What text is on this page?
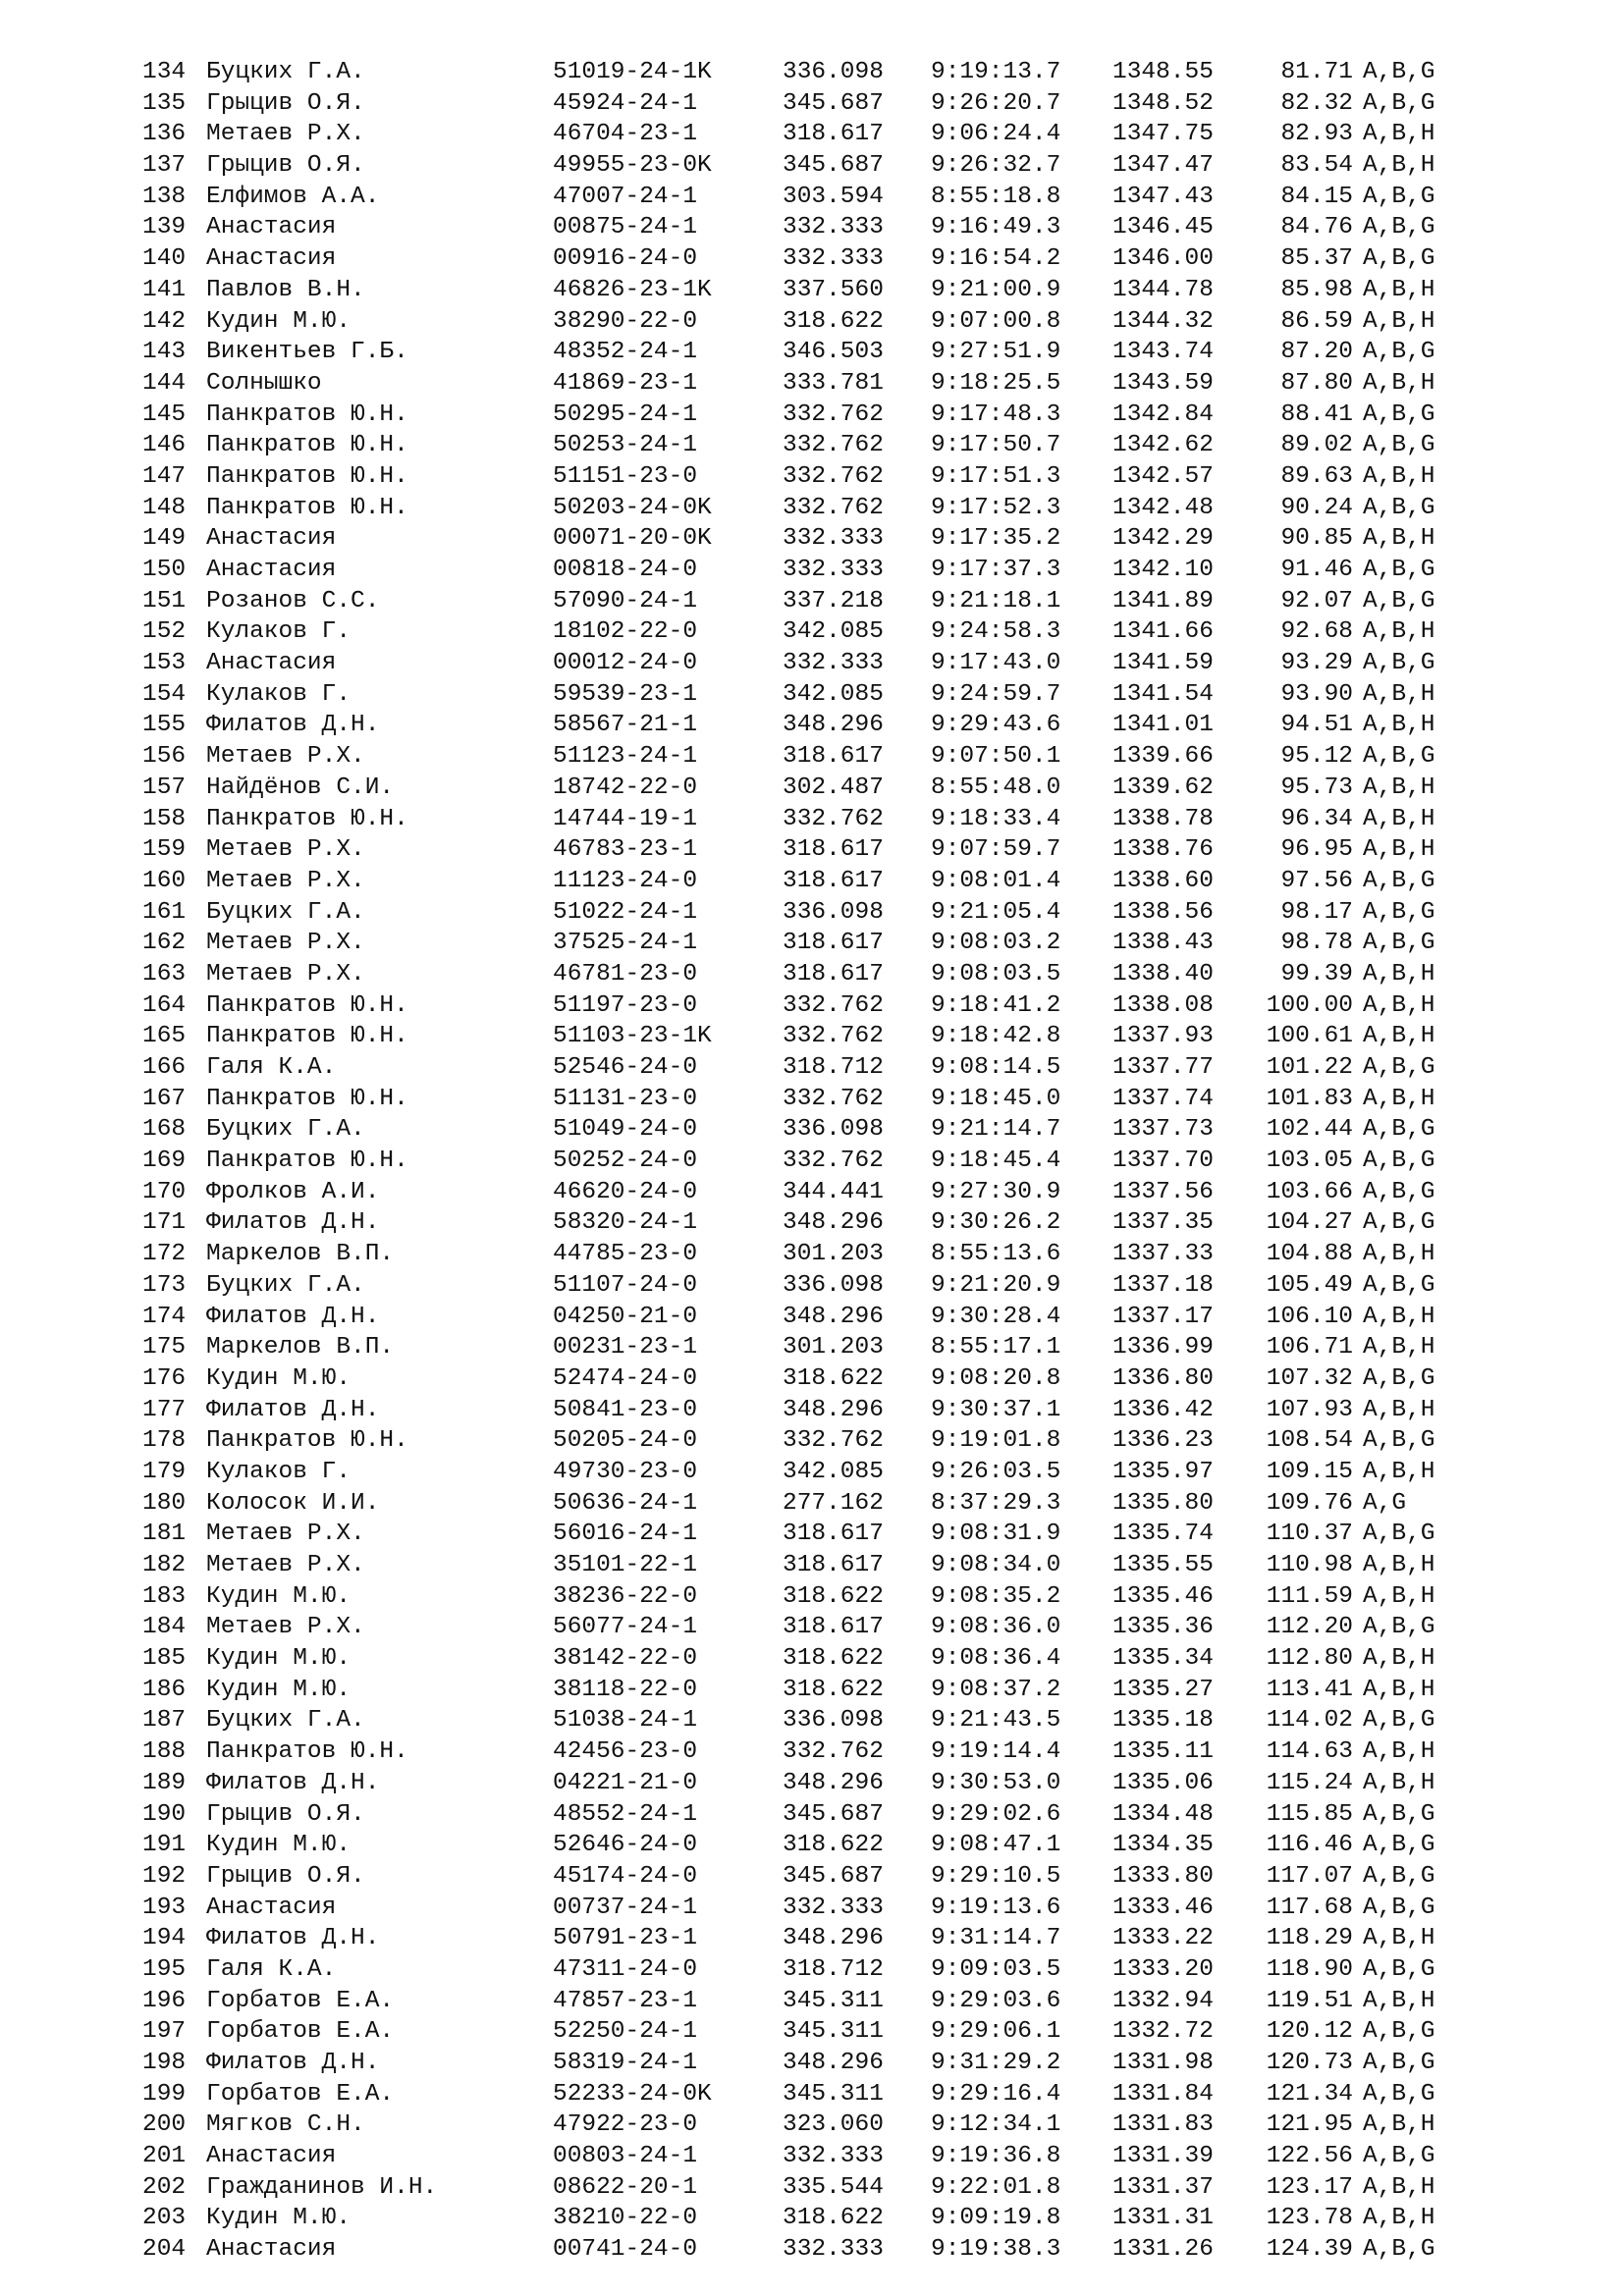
134 Буцких Г.А.	51019-24-1K	336.098 9:19:13.7 1348.55	81.71 A,B,G
135 Грыцив О.Я.	45924-24-1	345.687 9:26:20.7 1348.52	82.32 A,B,G
136 Метаев Р.Х.	46704-23-1	318.617 9:06:24.4 1347.75	82.93 A,B,H
137 Грыцив О.Я.	49955-23-0K	345.687 9:26:32.7 1347.47	83.54 A,B,H
138 Елфимов А.А.	47007-24-1	303.594 8:55:18.8 1347.43	84.15 A,B,G
139 Анастасия	00875-24-1	332.333 9:16:49.3 1346.45	84.76 A,B,G
140 Анастасия	00916-24-0	332.333 9:16:54.2 1346.00	85.37 A,B,G
141 Павлов В.Н.	46826-23-1K	337.560 9:21:00.9 1344.78	85.98 A,B,H
142 Кудин М.Ю.	38290-22-0	318.622 9:07:00.8 1344.32	86.59 A,B,H
143 Викентьев Г.Б.	48352-24-1	346.503 9:27:51.9 1343.74	87.20 A,B,G
144 Солнышко	41869-23-1	333.781 9:18:25.5 1343.59	87.80 A,B,H
145 Панкратов Ю.Н.	50295-24-1	332.762 9:17:48.3 1342.84	88.41 A,B,G
146 Панкратов Ю.Н.	50253-24-1	332.762 9:17:50.7 1342.62	89.02 A,B,G
147 Панкратов Ю.Н.	51151-23-0	332.762 9:17:51.3 1342.57	89.63 A,B,H
148 Панкратов Ю.Н.	50203-24-0K	332.762 9:17:52.3 1342.48	90.24 A,B,G
149 Анастасия	00071-20-0K	332.333 9:17:35.2 1342.29	90.85 A,B,H
150 Анастасия	00818-24-0	332.333 9:17:37.3 1342.10	91.46 A,B,G
151 Розанов С.С.	57090-24-1	337.218 9:21:18.1 1341.89	92.07 A,B,G
152 Кулаков Г.	18102-22-0	342.085 9:24:58.3 1341.66	92.68 A,B,H
153 Анастасия	00012-24-0	332.333 9:17:43.0 1341.59	93.29 A,B,G
154 Кулаков Г.	59539-23-1	342.085 9:24:59.7 1341.54	93.90 A,B,H
155 Филатов Д.Н.	58567-21-1	348.296 9:29:43.6 1341.01	94.51 A,B,H
156 Метаев Р.Х.	51123-24-1	318.617 9:07:50.1 1339.66	95.12 A,B,G
157 Найдёнов С.И.	18742-22-0	302.487 8:55:48.0 1339.62	95.73 A,B,H
158 Панкратов Ю.Н.	14744-19-1	332.762 9:18:33.4 1338.78	96.34 A,B,H
159 Метаев Р.Х.	46783-23-1	318.617 9:07:59.7 1338.76	96.95 A,B,H
160 Метаев Р.Х.	11123-24-0	318.617 9:08:01.4 1338.60	97.56 A,B,G
161 Буцких Г.А.	51022-24-1	336.098 9:21:05.4 1338.56	98.17 A,B,G
162 Метаев Р.Х.	37525-24-1	318.617 9:08:03.2 1338.43	98.78 A,B,G
163 Метаев Р.Х.	46781-23-0	318.617 9:08:03.5 1338.40	99.39 A,B,H
164 Панкратов Ю.Н.	51197-23-0	332.762 9:18:41.2 1338.08 100.00 A,B,H
165 Панкратов Ю.Н.	51103-23-1K	332.762 9:18:42.8 1337.93 100.61 A,B,H
166 Галя К.А.	52546-24-0	318.712 9:08:14.5 1337.77 101.22 A,B,G
167 Панкратов Ю.Н.	51131-23-0	332.762 9:18:45.0 1337.74 101.83 A,B,H
168 Буцких Г.А.	51049-24-0	336.098 9:21:14.7 1337.73 102.44 A,B,G
169 Панкратов Ю.Н.	50252-24-0	332.762 9:18:45.4 1337.70 103.05 A,B,G
170 Фролков А.И.	46620-24-0	344.441 9:27:30.9 1337.56 103.66 A,B,G
171 Филатов Д.Н.	58320-24-1	348.296 9:30:26.2 1337.35 104.27 A,B,G
172 Маркелов В.П.	44785-23-0	301.203 8:55:13.6 1337.33 104.88 A,B,H
173 Буцких Г.А.	51107-24-0	336.098 9:21:20.9 1337.18 105.49 A,B,G
174 Филатов Д.Н.	04250-21-0	348.296 9:30:28.4 1337.17 106.10 A,B,H
175 Маркелов В.П.	00231-23-1	301.203 8:55:17.1 1336.99 106.71 A,B,H
176 Кудин М.Ю.	52474-24-0	318.622 9:08:20.8 1336.80 107.32 A,B,G
177 Филатов Д.Н.	50841-23-0	348.296 9:30:37.1 1336.42 107.93 A,B,H
178 Панкратов Ю.Н.	50205-24-0	332.762 9:19:01.8 1336.23 108.54 A,B,G
179 Кулаков Г.	49730-23-0	342.085 9:26:03.5 1335.97 109.15 A,B,H
180 Колосок И.И.	50636-24-1	277.162 8:37:29.3 1335.80 109.76 A,G
181 Метаев Р.Х.	56016-24-1	318.617 9:08:31.9 1335.74 110.37 A,B,G
182 Метаев Р.Х.	35101-22-1	318.617 9:08:34.0 1335.55 110.98 A,B,H
183 Кудин М.Ю.	38236-22-0	318.622 9:08:35.2 1335.46 111.59 A,B,H
184 Метаев Р.Х.	56077-24-1	318.617 9:08:36.0 1335.36 112.20 A,B,G
185 Кудин М.Ю.	38142-22-0	318.622 9:08:36.4 1335.34 112.80 A,B,H
186 Кудин М.Ю.	38118-22-0	318.622 9:08:37.2 1335.27 113.41 A,B,H
187 Буцких Г.А.	51038-24-1	336.098 9:21:43.5 1335.18 114.02 A,B,G
188 Панкратов Ю.Н.	42456-23-0	332.762 9:19:14.4 1335.11 114.63 A,B,H
189 Филатов Д.Н.	04221-21-0	348.296 9:30:53.0 1335.06 115.24 A,B,H
190 Грыцив О.Я.	48552-24-1	345.687 9:29:02.6 1334.48 115.85 A,B,G
191 Кудин М.Ю.	52646-24-0	318.622 9:08:47.1 1334.35 116.46 A,B,G
192 Грыцив О.Я.	45174-24-0	345.687 9:29:10.5 1333.80 117.07 A,B,G
193 Анастасия	00737-24-1	332.333 9:19:13.6 1333.46 117.68 A,B,G
194 Филатов Д.Н.	50791-23-1	348.296 9:31:14.7 1333.22 118.29 A,B,H
195 Галя К.А.	47311-24-0	318.712 9:09:03.5 1333.20 118.90 A,B,G
196 Горбатов Е.А.	47857-23-1	345.311 9:29:03.6 1332.94 119.51 A,B,H
197 Горбатов Е.А.	52250-24-1	345.311 9:29:06.1 1332.72 120.12 A,B,G
198 Филатов Д.Н.	58319-24-1	348.296 9:31:29.2 1331.98 120.73 A,B,G
199 Горбатов Е.А.	52233-24-0K	345.311 9:29:16.4 1331.84 121.34 A,B,G
200 Мягков С.Н.	47922-23-0	323.060 9:12:34.1 1331.83 121.95 A,B,H
201 Анастасия	00803-24-1	332.333 9:19:36.8 1331.39 122.56 A,B,G
202 Гражданинов И.Н.	08622-20-1	335.544 9:22:01.8 1331.37 123.17 A,B,H
203 Кудин М.Ю.	38210-22-0	318.622 9:09:19.8 1331.31 123.78 A,B,H
204 Анастасия	00741-24-0	332.333 9:19:38.3 1331.26 124.39 A,B,G
